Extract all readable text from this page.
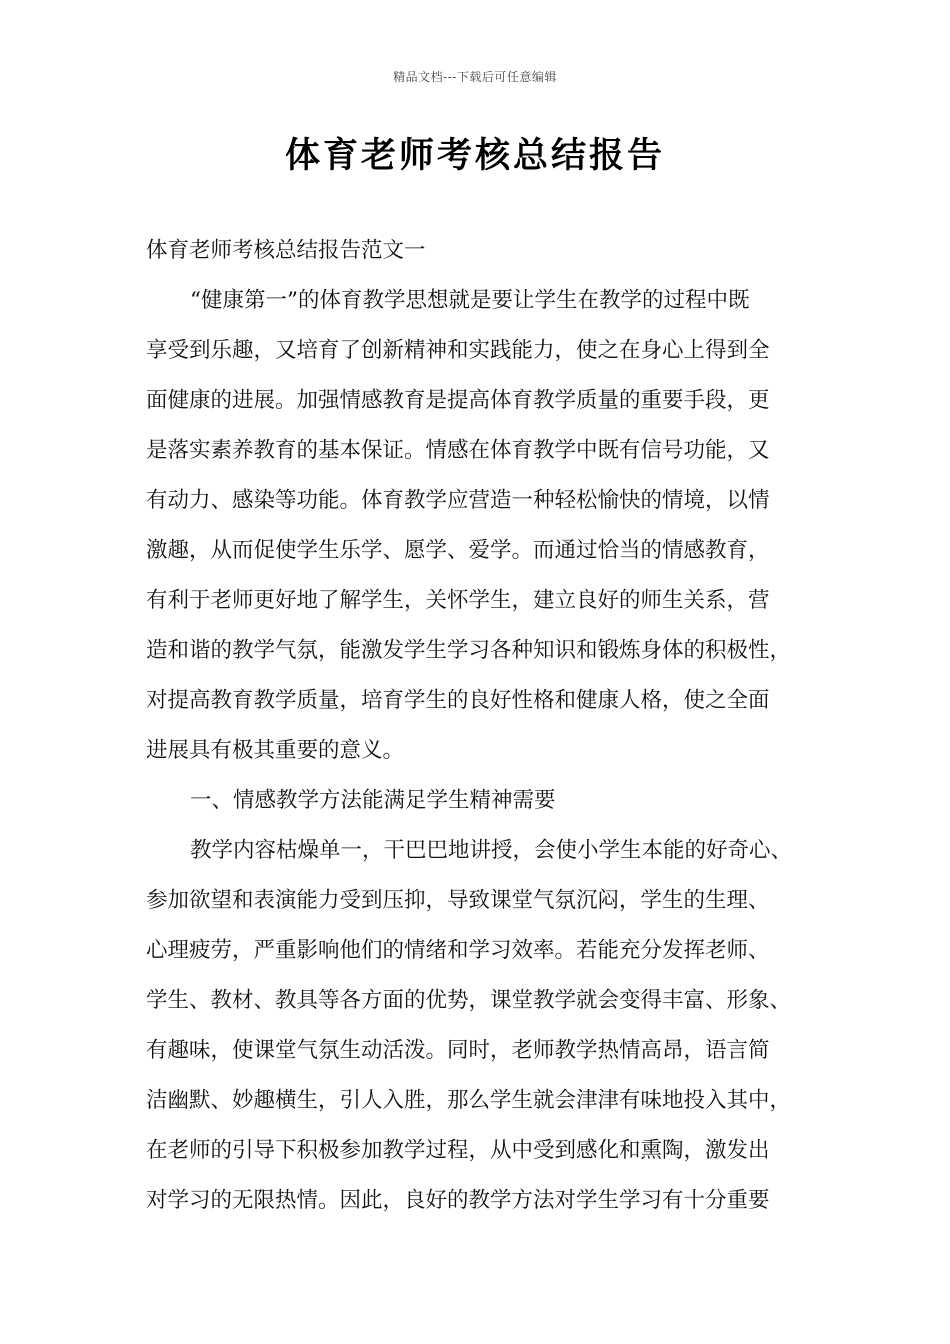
精品文档---下载后可任意编辑
体育老师考核总结报告
体育老师考核总结报告范文一
“健康第一”的体育教学思想就是要让学生在教学的过程中既
享受到乐趣，又培育了创新精神和实践能力，使之在身心上得到全
面健康的进展。加强情感教育是提高体育教学质量的重要手段，更
是落实素养教育的基本保证。情感在体育教学中既有信号功能，又
有动力、感染等功能。体育教学应营造一种轻松愉快的情境，以情
激趣，从而促使学生乐学、愿学、爱学。而通过恰当的情感教育，
有利于老师更好地了解学生，关怀学生，建立良好的师生关系，营
造和谐的教学气氛，能激发学生学习各种知识和锻炼身体的积极性，
对提高教育教学质量，培育学生的良好性格和健康人格，使之全面
进展具有极其重要的意义。
一、情感教学方法能满足学生精神需要
教学内容枯燥单一，干巴巴地讲授，会使小学生本能的好奇心、
参加欲望和表演能力受到压抑，导致课堂气氛沉闷，学生的生理、
心理疲劳，严重影响他们的情绪和学习效率。若能充分发挥老师、
学生、教材、教具等各方面的优势，课堂教学就会变得丰富、形象、
有趣味，使课堂气氛生动活泼。同时，老师教学热情高昂，语言简
洁幽默、妙趣横生，引人入胜，那么学生就会津津有味地投入其中，
在老师的引导下积极参加教学过程，从中受到感化和熏陶，激发出
对学习的无限热情。因此，良好的教学方法对学生学习有十分重要
